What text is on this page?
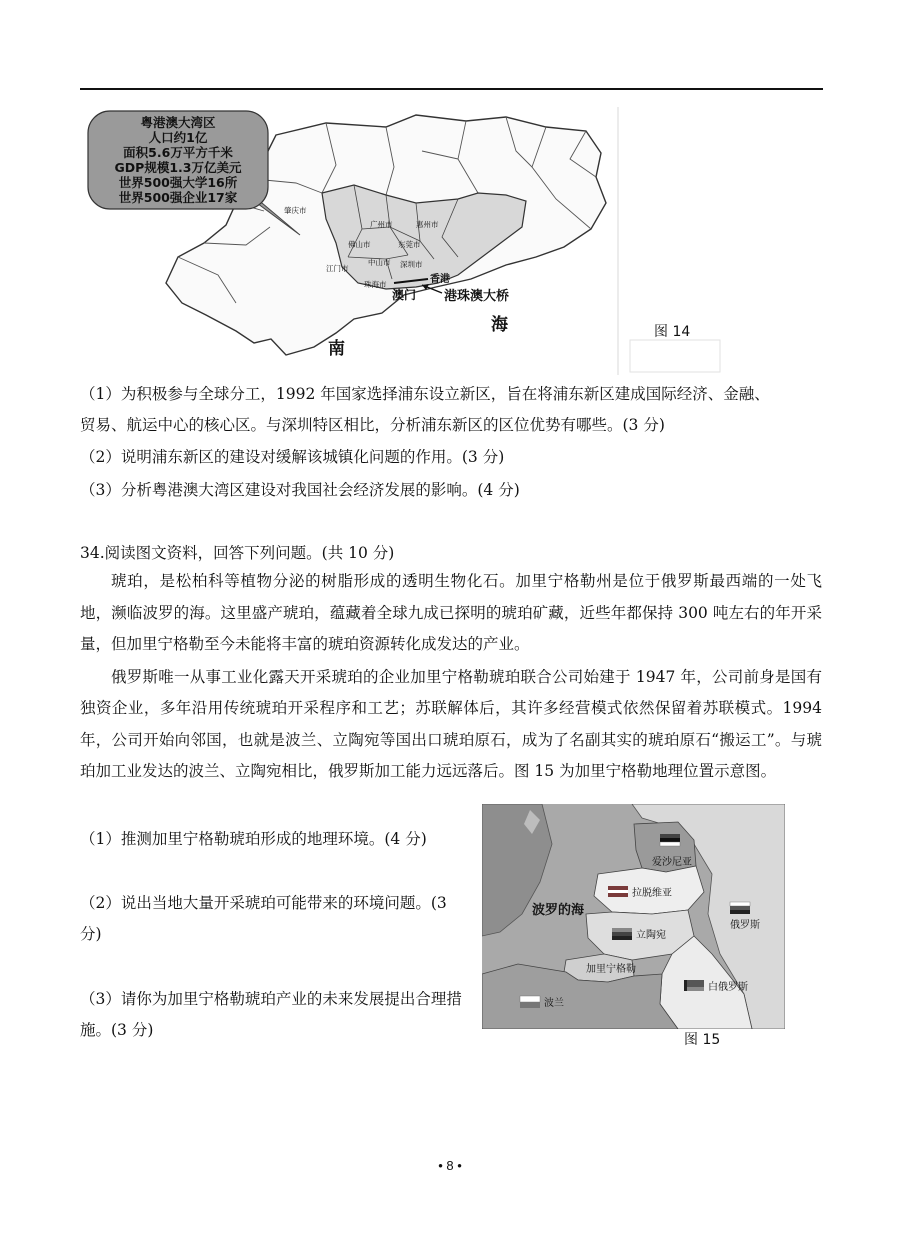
粤港澳大湾区
人口约1亿
面积5.6万平方千米
GDP规模1.3万亿美元
世界500强大学16所
世界500强企业17家
肇庆市
广州市	惠州市
佛山市	东莞市
中山市 深圳市
江门市
珠海市	香港
澳门 港珠澳大桥
南
海	图 14
（1）为积极参与全球分工，1992 年国家选择浦东设立新区，旨在将浦东新区建成国际经济、金融、
贸易、航运中心的核心区。与深圳特区相比，分析浦东新区的区位优势有哪些。(3 分)
（2）说明浦东新区的建设对缓解该城镇化问题的作用。(3 分)
（3）分析粤港澳大湾区建设对我国社会经济发展的影响。(4 分)
34.阅读图文资料，回答下列问题。(共 10 分)

琥珀，是松柏科等植物分泌的树脂形成的透明生物化石。加里宁格勒州是位于俄罗斯最西端的一处飞地，濒临波罗的海。这里盛产琥珀，蕴藏着全球九成已探明的琥珀矿藏，近些年都保持 300 吨左右的年开采量，但加里宁格勒至今未能将丰富的琥珀资源转化成发达的产业。

俄罗斯唯一从事工业化露天开采琥珀的企业加里宁格勒琥珀联合公司始建于 1947 年，公司前身是国有独资企业，多年沿用传统琥珀开采程序和工艺；苏联解体后，其许多经营模式依然保留着苏联模式。1994 年，公司开始向邻国，也就是波兰、立陶宛等国出口琥珀原石，成为了名副其实的琥珀原石“搬运工”。与琥珀加工业发达的波兰、立陶宛相比，俄罗斯加工能力远远落后。图 15 为加里宁格勒地理位置示意图。

（1）推测加里宁格勒琥珀形成的地理环境。(4 分)
（2）说出当地大量开采琥珀可能带来的环境问题。(3 分)
（3）请你为加里宁格勒琥珀产业的未来发展提出合理措施。(3 分)
爱沙尼亚
拉脱维亚
立陶宛
俄罗斯
加里宁格勒
白俄罗斯
波兰
波罗的海
图 15
• 8 •
